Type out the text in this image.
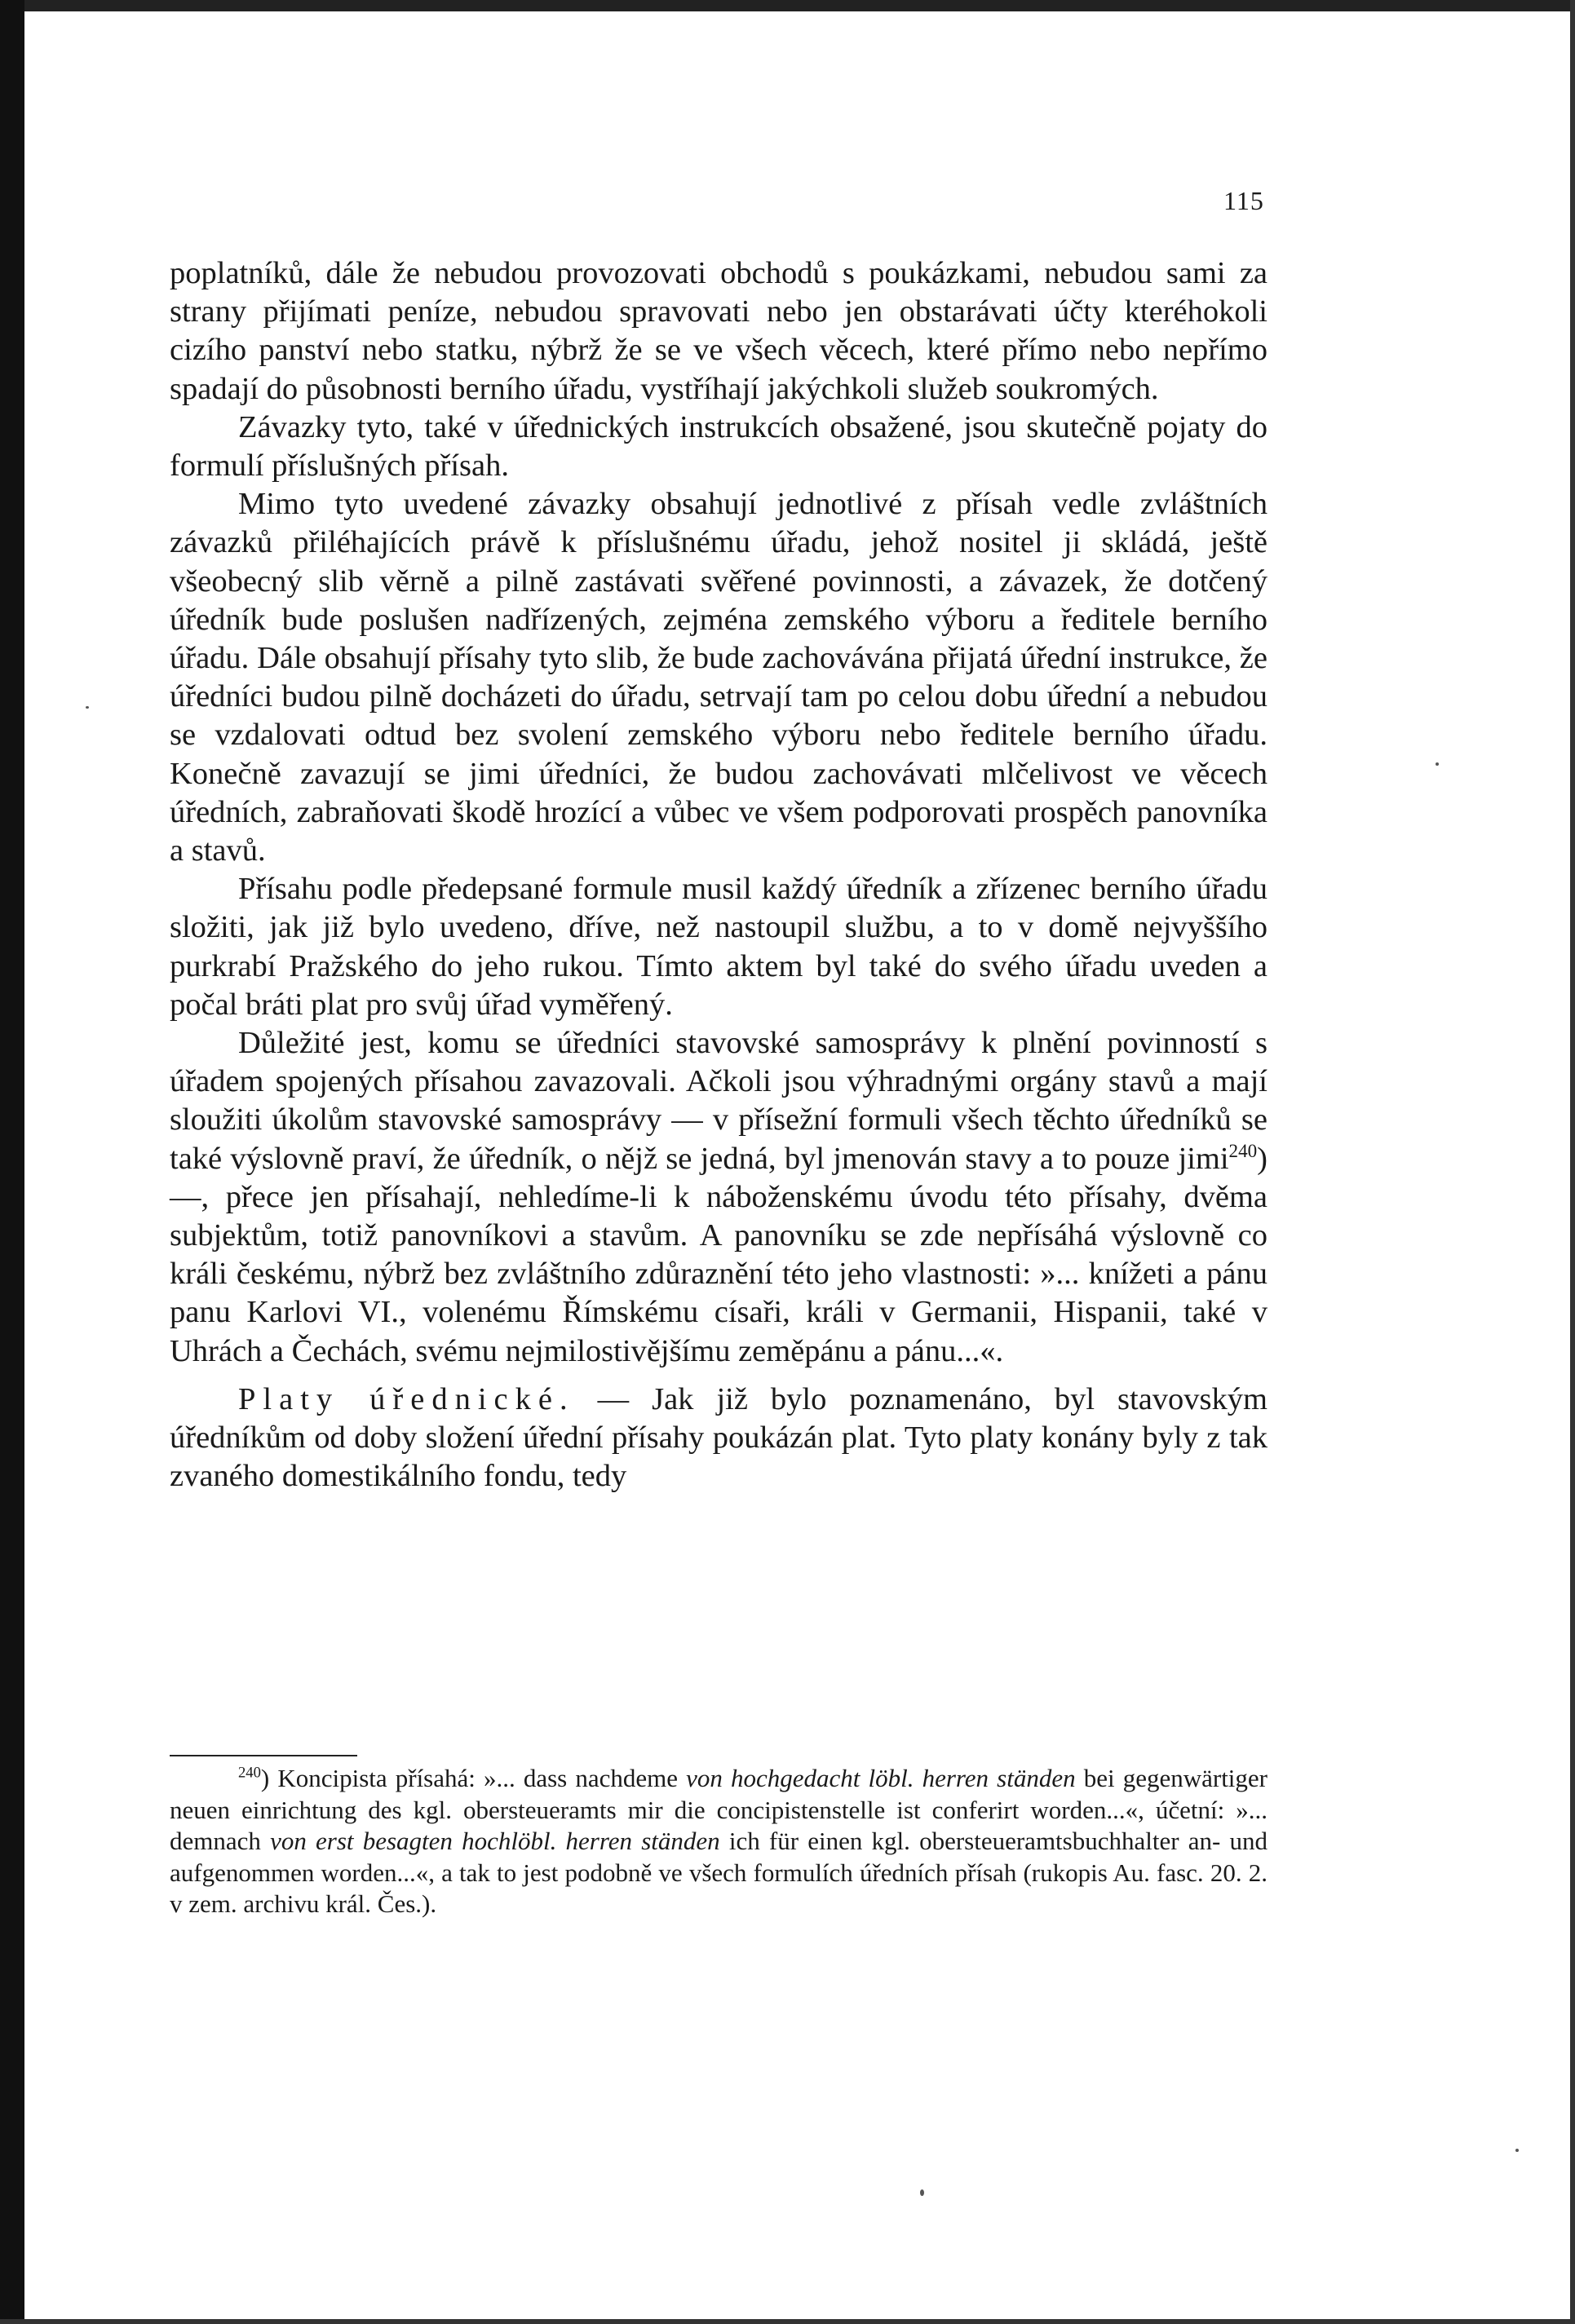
115

poplatníků, dále že nebudou provozovati obchodů s poukázkami, nebudou sami za strany přijímati peníze, nebudou spravovati nebo jen obstarávati účty kteréhokoli cizího panství nebo statku, nýbrž že se ve všech věcech, které přímo nebo nepřímo spadají do působnosti berního úřadu, vystříhají jakýchkoli služeb soukromých.

Závazky tyto, také v úřednických instrukcích obsažené, jsou skutečně pojaty do formulí příslušných přísah.

Mimo tyto uvedené závazky obsahují jednotlivé z přísah vedle zvláštních závazků přiléhajících právě k příslušnému úřadu, jehož nositel ji skládá, ještě všeobecný slib věrně a pilně zastávati svěřené povinnosti, a závazek, že dotčený úředník bude poslušen nadřízených, zejména zemského výboru a ředitele berního úřadu. Dále obsahují přísahy tyto slib, že bude zachovávána přijatá úřední instrukce, že úředníci budou pilně docházeti do úřadu, setrvají tam po celou dobu úřední a nebudou se vzdalovati odtud bez svolení zemského výboru nebo ředitele berního úřadu. Konečně zavazují se jimi úředníci, že budou zachovávati mlčelivost ve věcech úředních, zabraňovati škodě hrozící a vůbec ve všem podporovati prospěch panovníka a stavů.

Přísahu podle předepsané formule musil každý úředník a zřízenec berního úřadu složiti, jak již bylo uvedeno, dříve, než nastoupil službu, a to v domě nejvyššího purkrabí Pražského do jeho rukou. Tímto aktem byl také do svého úřadu uveden a počal bráti plat pro svůj úřad vyměřený.

Důležité jest, komu se úředníci stavovské samosprávy k plnění povinností s úřadem spojených přísahou zavazovali. Ačkoli jsou výhradnými orgány stavů a mají sloužiti úkolům stavovské samosprávy — v přísežní formuli všech těchto úředníků se také výslovně praví, že úředník, o nějž se jedná, byl jmenován stavy a to pouze jimi$^{240}$) —, přece jen přísahají, nehledíme-li k náboženskému úvodu této přísahy, dvěma subjektům, totiž panovníkovi a stavům. A panovníku se zde nepřísáhá výslovně co králi českému, nýbrž bez zvláštního zdůraznění této jeho vlastnosti: »... knížeti a pánu panu Karlovi VI., volenému Římskému císaři, králi v Germanii, Hispanii, také v Uhrách a Čechách, svému nejmilostivějšímu zeměpánu a pánu...«.

Platy úřednické. — Jak již bylo poznamenáno, byl stavovským úředníkům od doby složení úřední přísahy poukázán plat. Tyto platy konány byly z tak zvaného domestikálního fondu, tedy

$^{240}$) Koncipista přísahá: »... dass nachdeme von hochgedacht löbl. herren ständen bei gegenwärtiger neuen einrichtung des kgl. obersteueramts mir die concipistenstelle ist conferirt worden...«, účetní: »... demnach von erst besagten hochlöbl. herren ständen ich für einen kgl. obersteueramtsbuchhalter an- und aufgenommen worden...«, a tak to jest podobně ve všech formulích úředních přísah (rukopis Au. fasc. 20. 2. v zem. archivu král. Čes.).
